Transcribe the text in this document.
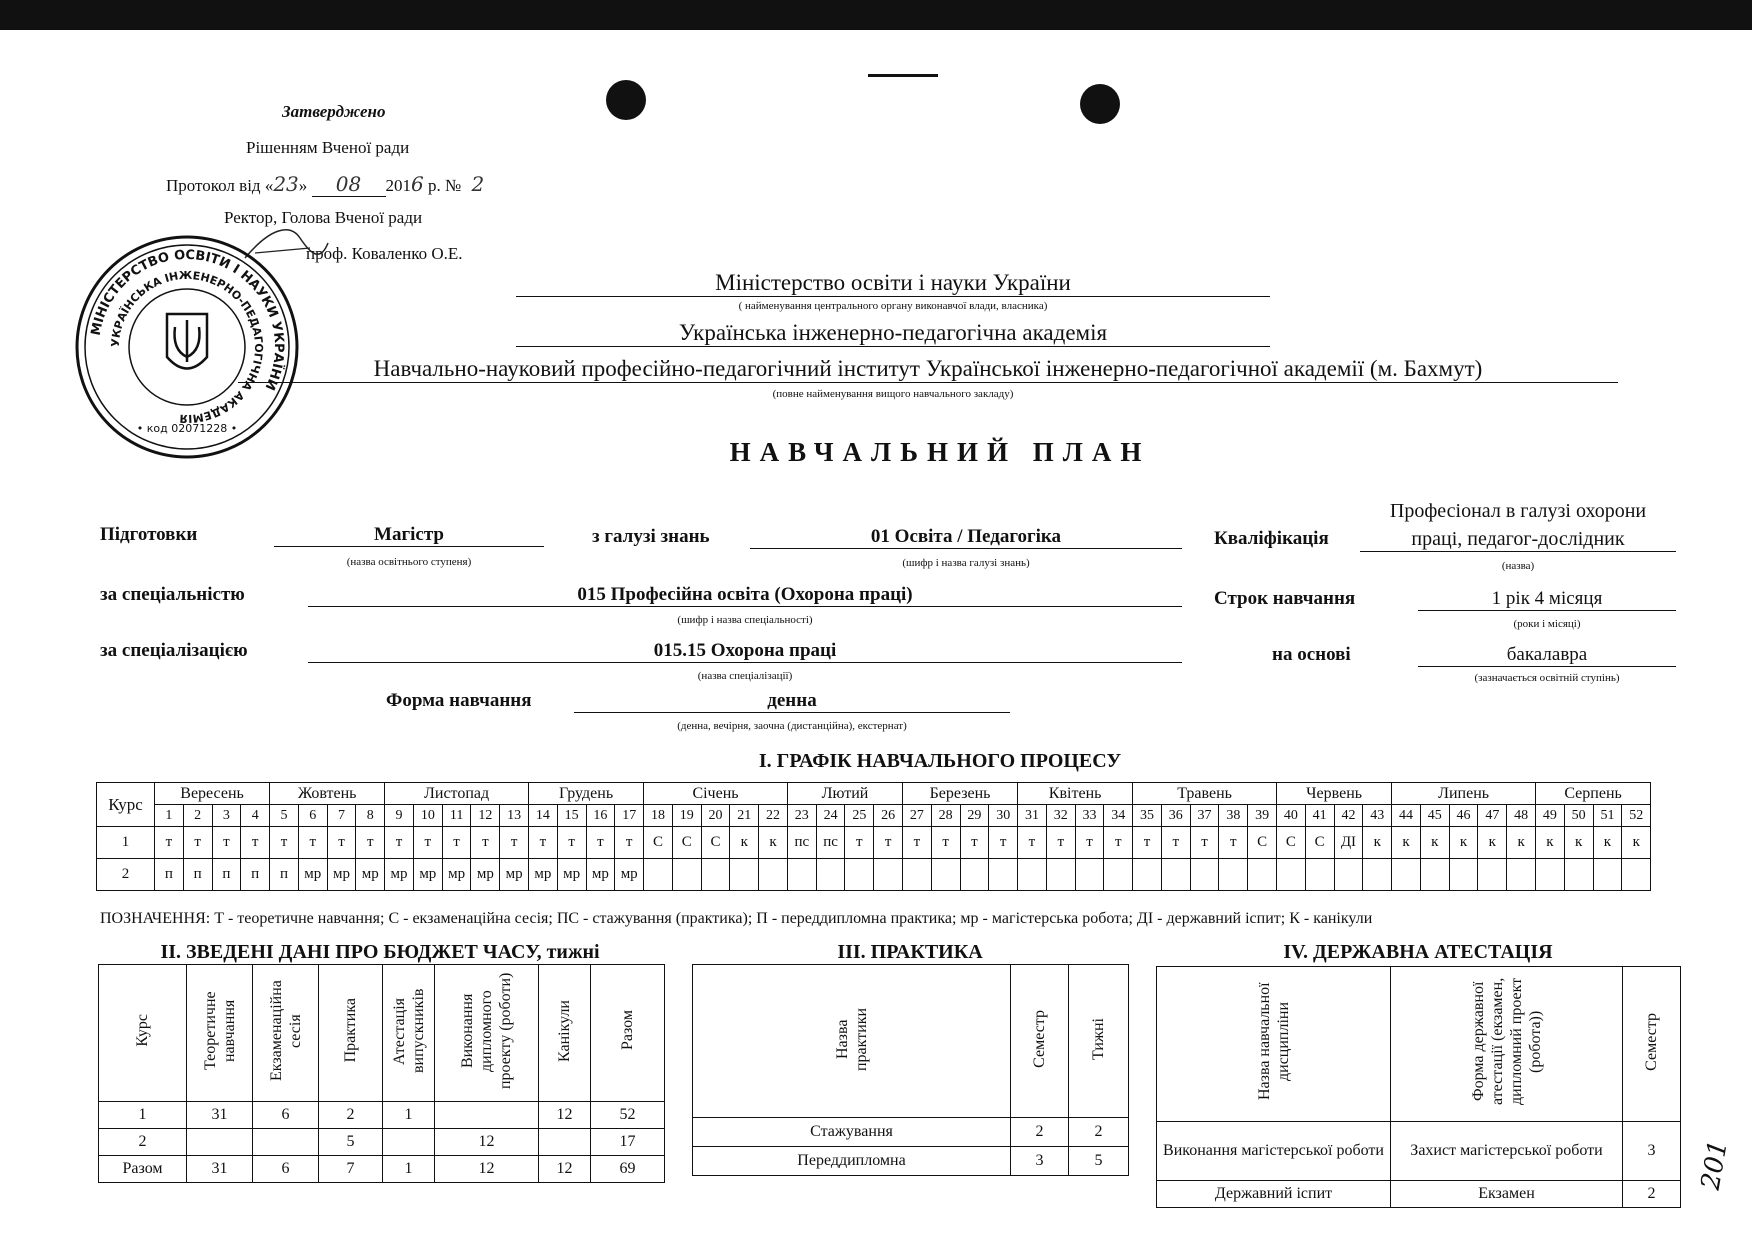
Затверджено
Рішенням Вченої ради
Протокол від «23» 08 2016 р. № 2
Ректор, Голова Вченої ради
проф. Коваленко О.Е.
МІНІСТЕРСТВО ОСВІТИ І НАУКИ УКРАЇНИ
УКРАЇНСЬКА ІНЖЕНЕРНО-ПЕДАГОГІЧНА АКАДЕМІЯ
• код 02071228 •
Міністерство освіти і науки України
( найменування центрального органу виконавчої влади, власника)
Українська інженерно-педагогічна академія
Навчально-науковий професійно-педагогічний інститут Української інженерно-педагогічної академії (м. Бахмут)
(повне найменування вищого навчального закладу)
НАВЧАЛЬНИЙ ПЛАН
Підготовки	Магістр
(назва освітнього ступеня)
з галузі знань	01 Освіта / Педагогіка
(шифр і назва галузі знань)
Кваліфікація
Професіонал в галузі охорони
праці, педагог-дослідник
(назва)
за спеціальністю	015 Професійна освіта (Охорона праці)
(шифр і назва спеціальності)
Строк навчання	1 рік 4 місяця
(роки і місяці)
за спеціалізацією	015.15 Охорона праці
(назва спеціалізації)
на основі	бакалавра
(зазначається освітній ступінь)
Форма навчання	денна
(денна, вечірня, заочна (дистанційна), екстернат)
І. ГРАФІК НАВЧАЛЬНОГО ПРОЦЕСУ
Курс	Вересень				Жовтень				Листопад					Грудень				Січень					Лютий				Березень				Квітень				Травень					Червень				Липень					Серпень			
	1	2	3	4	5	6	7	8	9	10	11	12	13	14	15	16	17	18	19	20	21	22	23	24	25	26	27	28	29	30	31	32	33	34	35	36	37	38	39	40	41	42	43	44	45	46	47	48	49	50	51	52
1	т	т	т	т	т	т	т	т	т	т	т	т	т	т	т	т	т	С	С	С	к	к	пс	пс	т	т	т	т	т	т	т	т	т	т	т	т	т	т	С	С	С	ДІ	к	к	к	к	к	к	к	к	к	к
2	п	п	п	п	п	мр	мр	мр	мр	мр	мр	мр	мр	мр	мр	мр	мр																																			
ПОЗНАЧЕННЯ: Т - теоретичне навчання; С - екзаменаційна сесія; ПС - стажування (практика); П - переддипломна практика; мр - магістерська робота; ДІ - державний іспит; К - канікули
ІІ. ЗВЕДЕНІ ДАНІ ПРО БЮДЖЕТ ЧАСУ, тижні
Курс	Теоретичне навчання	Екзаменаційна сесія	Практика	Атестація випускників	Виконання дипломного проекту (роботи)	Канікули	Разом
1	31	6	2	1		12	52
2			5		12		17
Разом	31	6	7	1	12	12	69
ІІІ. ПРАКТИКА
Назва практики	Семестр	Тижні
Стажування	2	2
Переддипломна	3	5
IV. ДЕРЖАВНА АТЕСТАЦІЯ
Назва навчальної дисципліни	Форма державної атестації (екзамен, дипломний проект (робота))	Семестр
Виконання магістерської роботи	Захист магістерської роботи	3
Державний іспит	Екзамен	2
201
